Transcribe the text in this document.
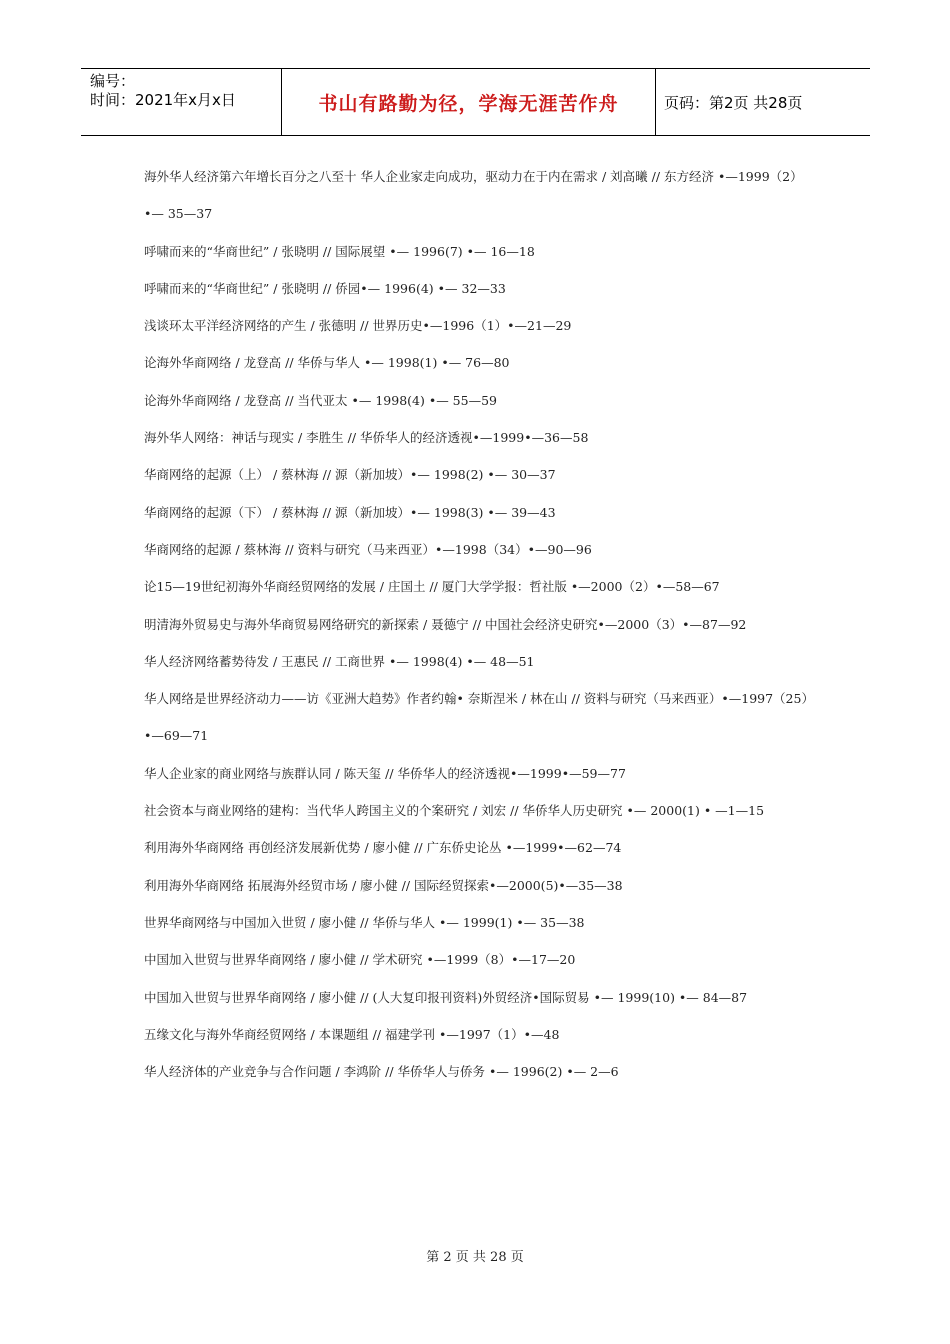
编号：
时间：2021年x月x日	书山有路勤为径，学海无涯苦作舟	页码：第2页 共28页
海外华人经济第六年增长百分之八至十 华人企业家走向成功，驱动力在于内在需求 / 刘高曦 // 东方经济 •—1999（2）•— 35—37
呼啸而来的“华商世纪” / 张晓明 // 国际展望 •— 1996(7) •— 16—18
呼啸而来的“华商世纪” / 张晓明 // 侨园•— 1996(4) •— 32—33
浅谈环太平洋经济网络的产生 / 张德明 // 世界历史•—1996（1）•—21—29
论海外华商网络 / 龙登高 // 华侨与华人 •— 1998(1) •— 76—80
论海外华商网络 / 龙登高 // 当代亚太 •— 1998(4) •— 55—59
海外华人网络：神话与现实 / 李胜生 // 华侨华人的经济透视•—1999•—36—58
华商网络的起源（上） / 蔡林海 // 源（新加坡）•— 1998(2) •— 30—37
华商网络的起源（下） / 蔡林海 // 源（新加坡）•— 1998(3) •— 39—43
华商网络的起源 / 蔡林海 // 资料与研究（马来西亚）•—1998（34）•—90—96
论15—19世纪初海外华商经贸网络的发展 / 庄国土 // 厦门大学学报：哲社版 •—2000（2）•—58—67
明清海外贸易史与海外华商贸易网络研究的新探索 / 聂德宁 // 中国社会经济史研究•—2000（3）•—87—92
华人经济网络蓄势待发 / 王惠民 // 工商世界 •— 1998(4) •— 48—51
华人网络是世界经济动力——访《亚洲大趋势》作者约翰• 奈斯涅米 / 林在山 // 资料与研究（马来西亚）•—1997（25）•—69—71
华人企业家的商业网络与族群认同 / 陈天玺 // 华侨华人的经济透视•—1999•—59—77
社会资本与商业网络的建构：当代华人跨国主义的个案研究 / 刘宏 // 华侨华人历史研究 •— 2000(1) • —1—15
利用海外华商网络 再创经济发展新优势 / 廖小健 // 广东侨史论丛 •—1999•—62—74
利用海外华商网络 拓展海外经贸市场 / 廖小健 // 国际经贸探索•—2000(5)•—35—38
世界华商网络与中国加入世贸 / 廖小健 // 华侨与华人 •— 1999(1) •— 35—38
中国加入世贸与世界华商网络 / 廖小健 // 学术研究 •—1999（8）•—17—20
中国加入世贸与世界华商网络 / 廖小健 // (人大复印报刊资料)外贸经济•国际贸易 •— 1999(10) •— 84—87
五缘文化与海外华商经贸网络 / 本课题组 // 福建学刊 •—1997（1）•—48
华人经济体的产业竞争与合作问题 / 李鸿阶 // 华侨华人与侨务 •— 1996(2) •— 2—6
第 2 页 共 28 页
